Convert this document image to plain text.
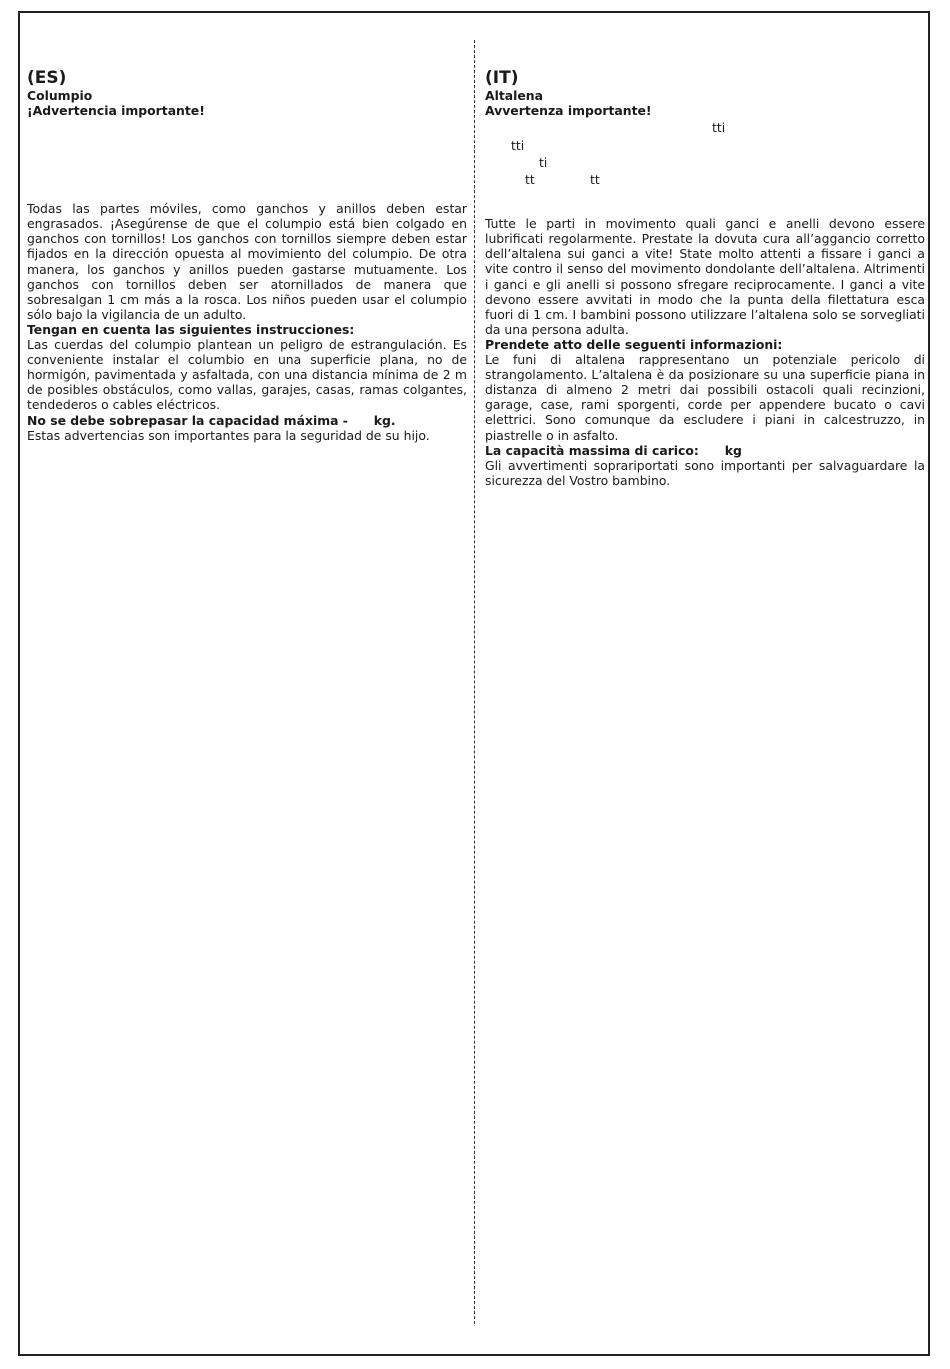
(ES)
Columpio
¡Advertencia importante!

Todas las partes móviles, como ganchos y anillos deben estar engrasados. ¡Asegúrense de que el columpio está bien colgado en ganchos con tornillos! Los ganchos con tornillos siempre deben estar fijados en la dirección opuesta al movimiento del columpio. De otra manera, los ganchos y anillos pueden gastarse mutuamente. Los ganchos con tornillos deben ser atornillados de manera que sobresalgan 1 cm más a la rosca. Los niños pueden usar el columpio sólo bajo la vigilancia de un adulto.

Tengan en cuenta las siguientes instrucciones:

Las cuerdas del columpio plantean un peligro de estrangulación. Es conveniente instalar el columbio en una superficie plana, no de hormigón, pavimentada y asfaltada, con una distancia mínima de 2 m de posibles obstáculos, como vallas, garajes, casas, ramas colgantes, tendederos o cables eléctricos.

No se debe sobrepasar la capacidad máxima -      kg.

Estas advertencias son importantes para la seguridad de su hijo.

(IT)
Altalena
Avvertenza importante!

Tutte le parti in movimento quali ganci e anelli devono essere lubrificati regolarmente. Prestate la dovuta cura all’aggancio corretto dell’altalena sui ganci a vite! State molto attenti a fissare i ganci a vite contro il senso del movimento dondolante dell’altalena. Altrimenti i ganci e gli anelli si possono sfregare reciprocamente. I ganci a vite devono essere avvitati in modo che la punta della filettatura esca fuori di 1 cm. I bambini possono utilizzare l’altalena solo se sorvegliati da una persona adulta.

Prendete atto delle seguenti informazioni:

Le funi di altalena rappresentano un potenziale pericolo di strangolamento. L’altalena è da posizionare su una superficie piana in distanza di almeno 2 metri dai possibili ostacoli quali recinzioni, garage, case, rami sporgenti, corde per appendere bucato o cavi elettrici. Sono comunque da escludere i piani in calcestruzzo, in piastrelle o in asfalto.

La capacità massima di carico:      kg

Gli avvertimenti soprariportati sono importanti per salvaguardare la sicurezza del Vostro bambino.

tti
tti
ti
tt	tt
